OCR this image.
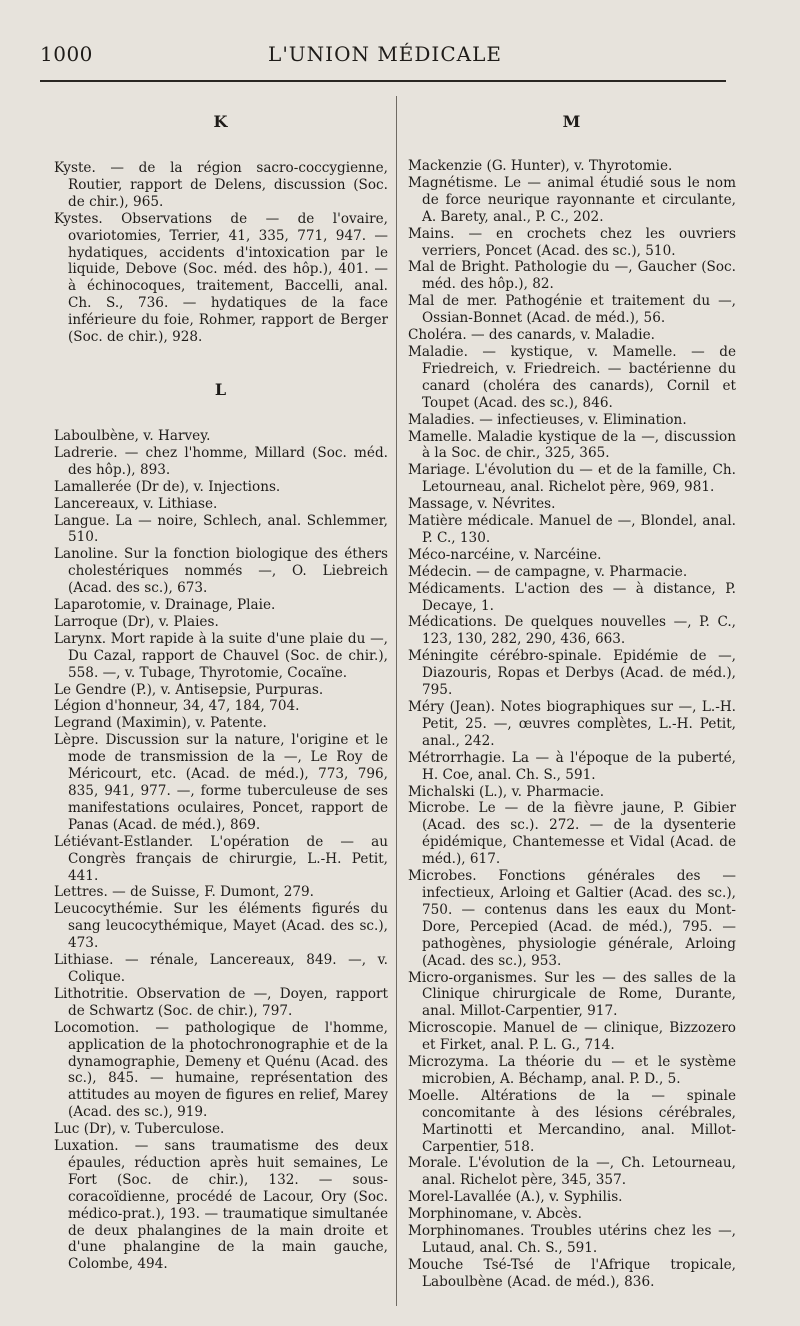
1000	L'UNION MÉDICALE
K

Kyste. — de la région sacro-coccygienne, Routier, rapport de Delens, discussion (Soc. de chir.), 965.

Kystes. Observations de — de l'ovaire, ovariotomies, Terrier, 41, 335, 771, 947. — hydatiques, accidents d'intoxication par le liquide, Debove (Soc. méd. des hôp.), 401. — à échinocoques, traitement, Baccelli, anal. Ch. S., 736. — hydatiques de la face inférieure du foie, Rohmer, rapport de Berger (Soc. de chir.), 928.

L

Laboulbène, v. Harvey.

Ladrerie. — chez l'homme, Millard (Soc. méd. des hôp.), 893.

Lamallerée (Dr de), v. Injections.

Lancereaux, v. Lithiase.

Langue. La — noire, Schlech, anal. Schlemmer, 510.

Lanoline. Sur la fonction biologique des éthers cholestériques nommés —, O. Liebreich (Acad. des sc.), 673.

Laparotomie, v. Drainage, Plaie.

Larroque (Dr), v. Plaies.

Larynx. Mort rapide à la suite d'une plaie du —, Du Cazal, rapport de Chauvel (Soc. de chir.), 558. —, v. Tubage, Thyrotomie, Cocaïne.

Le Gendre (P.), v. Antisepsie, Purpuras.

Légion d'honneur, 34, 47, 184, 704.

Legrand (Maximin), v. Patente.

Lèpre. Discussion sur la nature, l'origine et le mode de transmission de la —, Le Roy de Méricourt, etc. (Acad. de méd.), 773, 796, 835, 941, 977. —, forme tuberculeuse de ses manifestations oculaires, Poncet, rapport de Panas (Acad. de méd.), 869.

Létiévant-Estlander. L'opération de — au Congrès français de chirurgie, L.-H. Petit, 441.

Lettres. — de Suisse, F. Dumont, 279.

Leucocythémie. Sur les éléments figurés du sang leucocythémique, Mayet (Acad. des sc.), 473.

Lithiase. — rénale, Lancereaux, 849. —, v. Colique.

Lithotritie. Observation de —, Doyen, rapport de Schwartz (Soc. de chir.), 797.

Locomotion. — pathologique de l'homme, application de la photochronographie et de la dynamographie, Demeny et Quénu (Acad. des sc.), 845. — humaine, représentation des attitudes au moyen de figures en relief, Marey (Acad. des sc.), 919.

Luc (Dr), v. Tuberculose.

Luxation. — sans traumatisme des deux épaules, réduction après huit semaines, Le Fort (Soc. de chir.), 132. — sous-coracoïdienne, procédé de Lacour, Ory (Soc. médico-prat.), 193. — traumatique simultanée de deux phalangines de la main droite et d'une phalangine de la main gauche, Colombe, 494.

M

Mackenzie (G. Hunter), v. Thyrotomie.

Magnétisme. Le — animal étudié sous le nom de force neurique rayonnante et circulante, A. Barety, anal., P. C., 202.

Mains. — en crochets chez les ouvriers verriers, Poncet (Acad. des sc.), 510.

Mal de Bright. Pathologie du —, Gaucher (Soc. méd. des hôp.), 82.

Mal de mer. Pathogénie et traitement du —, Ossian-Bonnet (Acad. de méd.), 56.

Choléra. — des canards, v. Maladie.

Maladie. — kystique, v. Mamelle. — de Friedreich, v. Friedreich. — bactérienne du canard (choléra des canards), Cornil et Toupet (Acad. des sc.), 846.

Maladies. — infectieuses, v. Elimination.

Mamelle. Maladie kystique de la —, discussion à la Soc. de chir., 325, 365.

Mariage. L'évolution du — et de la famille, Ch. Letourneau, anal. Richelot père, 969, 981.

Massage, v. Névrites.

Matière médicale. Manuel de —, Blondel, anal. P. C., 130.

Méco-narcéine, v. Narcéine.

Médecin. — de campagne, v. Pharmacie.

Médicaments. L'action des — à distance, P. Decaye, 1.

Médications. De quelques nouvelles —, P. C., 123, 130, 282, 290, 436, 663.

Méningite cérébro-spinale. Epidémie de —, Diazouris, Ropas et Derbys (Acad. de méd.), 795.

Méry (Jean). Notes biographiques sur —, L.-H. Petit, 25. —, œuvres complètes, L.-H. Petit, anal., 242.

Métrorrhagie. La — à l'époque de la puberté, H. Coe, anal. Ch. S., 591.

Michalski (L.), v. Pharmacie.

Microbe. Le — de la fièvre jaune, P. Gibier (Acad. des sc.). 272. — de la dysenterie épidémique, Chantemesse et Vidal (Acad. de méd.), 617.

Microbes. Fonctions générales des — infectieux, Arloing et Galtier (Acad. des sc.), 750. — contenus dans les eaux du Mont-Dore, Percepied (Acad. de méd.), 795. — pathogènes, physiologie générale, Arloing (Acad. des sc.), 953.

Micro-organismes. Sur les — des salles de la Clinique chirurgicale de Rome, Durante, anal. Millot-Carpentier, 917.

Microscopie. Manuel de — clinique, Bizzozero et Firket, anal. P. L. G., 714.

Microzyma. La théorie du — et le système microbien, A. Béchamp, anal. P. D., 5.

Moelle. Altérations de la — spinale concomitante à des lésions cérébrales, Martinotti et Mercandino, anal. Millot-Carpentier, 518.

Morale. L'évolution de la —, Ch. Letourneau, anal. Richelot père, 345, 357.

Morel-Lavallée (A.), v. Syphilis.

Morphinomane, v. Abcès.

Morphinomanes. Troubles utérins chez les —, Lutaud, anal. Ch. S., 591.

Mouche Tsé-Tsé de l'Afrique tropicale, Laboulbène (Acad. de méd.), 836.
